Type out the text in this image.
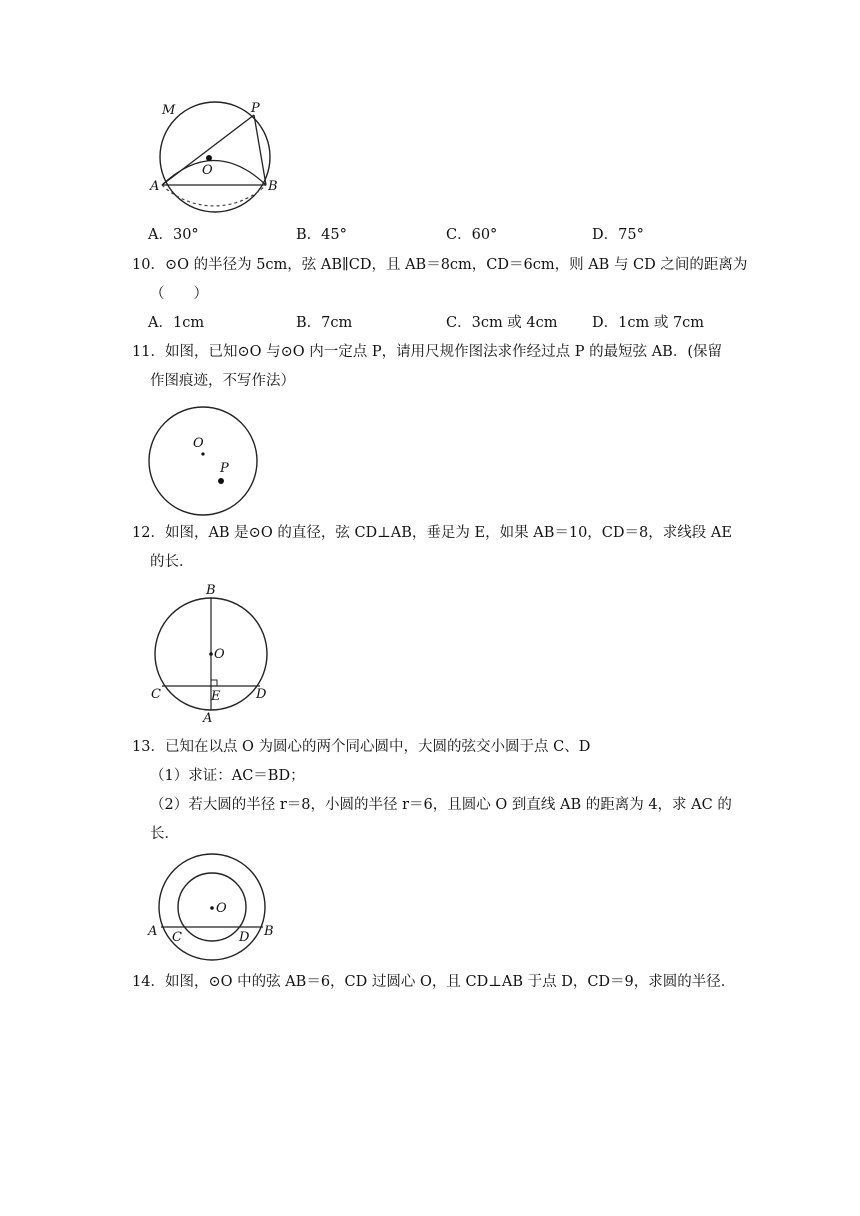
M	P
O
A	B
A．30°	B．45°	C．60°	D．75°
10．⊙O 的半径为 5cm，弦 AB∥CD，且 AB＝8cm，CD＝6cm，则 AB 与 CD 之间的距离为
（　　）
A．1cm	B．7cm	C．3cm 或 4cm D．1cm 或 7cm
11．如图，已知⊙O 与⊙O 内一定点 P，请用尺规作图法求作经过点 P 的最短弦 AB．(保留
作图痕迹，不写作法）
O
P
12．如图，AB 是⊙O 的直径，弦 CD⊥AB，垂足为 E，如果 AB＝10，CD＝8，求线段 AE
的长．
B
O
C	E	D
A
13．已知在以点 O 为圆心的两个同心圆中，大圆的弦交小圆于点 C、D
（1）求证：AC＝BD；
（2）若大圆的半径 r＝8，小圆的半径 r＝6，且圆心 O 到直线 AB 的距离为 4，求 AC 的
长．
O
A C	D B
14．如图，⊙O 中的弦 AB＝6，CD 过圆心 O，且 CD⊥AB 于点 D，CD＝9，求圆的半径．
